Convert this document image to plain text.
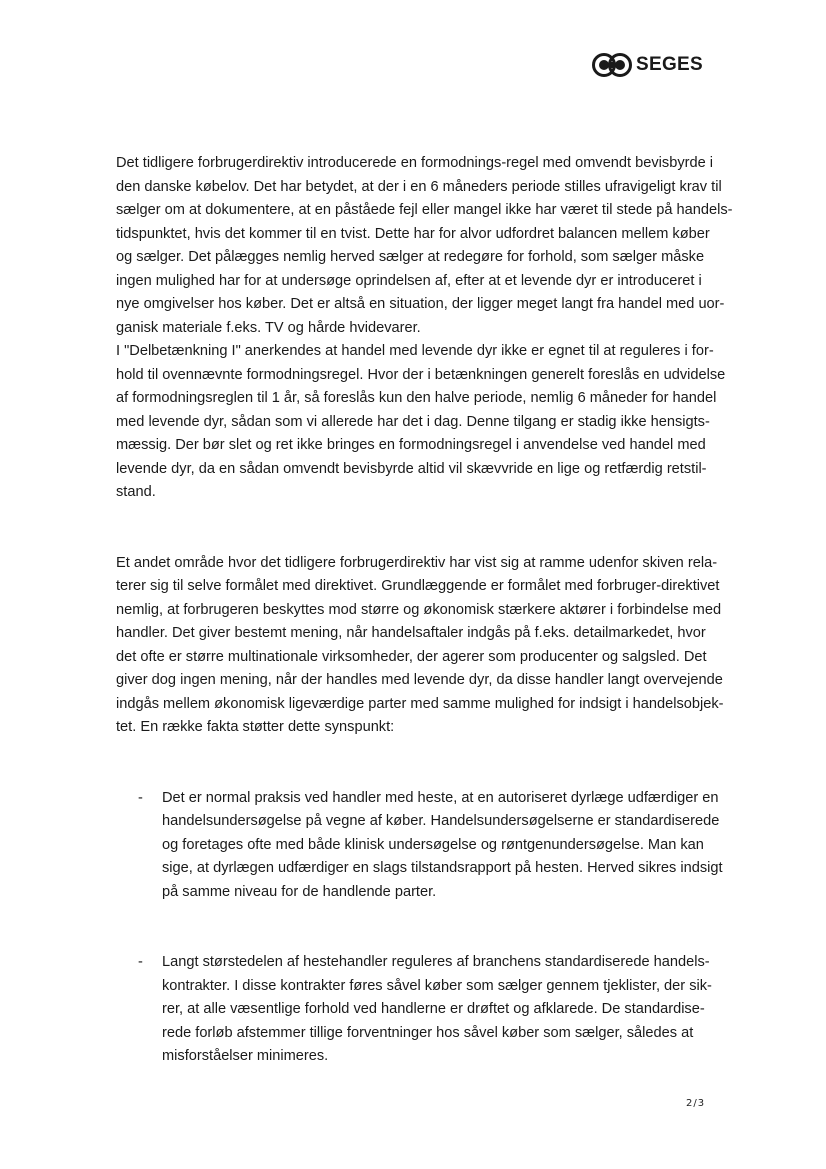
SEGES

Det tidligere forbrugerdirektiv introducerede en formodnings-regel med omvendt bevisbyrde i

den danske købelov. Det har betydet, at der i en 6 måneders periode stilles ufravigeligt krav til

sælger om at dokumentere, at en påståede fejl eller mangel ikke har været til stede på handels-

tidspunktet, hvis det kommer til en tvist. Dette har for alvor udfordret balancen mellem køber

og sælger. Det pålægges nemlig herved sælger at redegøre for forhold, som sælger måske

ingen mulighed har for at undersøge oprindelsen af, efter at et levende dyr er introduceret i

nye omgivelser hos køber. Det er altså en situation, der ligger meget langt fra handel med uor-

ganisk materiale f.eks. TV og hårde hvidevarer.

I "Delbetænkning I" anerkendes at handel med levende dyr ikke er egnet til at reguleres i for-

hold til ovennævnte formodningsregel. Hvor der i betænkningen generelt foreslås en udvidelse

af formodningsreglen til 1 år, så foreslås kun den halve periode, nemlig 6 måneder for handel

med levende dyr, sådan som vi allerede har det i dag. Denne tilgang er stadig ikke hensigts-

mæssig. Der bør slet og ret ikke bringes en formodningsregel i anvendelse ved handel med

levende dyr, da en sådan omvendt bevisbyrde altid vil skævvride en lige og retfærdig retstil-

stand.

Et andet område hvor det tidligere forbrugerdirektiv har vist sig at ramme udenfor skiven rela-

terer sig til selve formålet med direktivet. Grundlæggende er formålet med forbruger-direktivet

nemlig, at forbrugeren beskyttes mod større og økonomisk stærkere aktører i forbindelse med

handler. Det giver bestemt mening, når handelsaftaler indgås på f.eks. detailmarkedet, hvor

det ofte er større multinationale virksomheder, der agerer som producenter og salgsled. Det

giver dog ingen mening, når der handles med levende dyr, da disse handler langt overvejende

indgås mellem økonomisk ligeværdige parter med samme mulighed for indsigt i handelsobjek-

tet. En række fakta støtter dette synspunkt:

- Det er normal praksis ved handler med heste, at en autoriseret dyrlæge udfærdiger en

handelsundersøgelse på vegne af køber. Handelsundersøgelserne er standardiserede

og foretages ofte med både klinisk undersøgelse og røntgenundersøgelse. Man kan

sige, at dyrlægen udfærdiger en slags tilstandsrapport på hesten. Herved sikres indsigt

på samme niveau for de handlende parter.

- Langt størstedelen af hestehandler reguleres af branchens standardiserede handels-

kontrakter. I disse kontrakter føres såvel køber som sælger gennem tjeklister, der sik-

rer, at alle væsentlige forhold ved handlerne er drøftet og afklarede. De standardise-

rede forløb afstemmer tillige forventninger hos såvel køber som sælger, således at

misforståelser minimeres.

2/3
